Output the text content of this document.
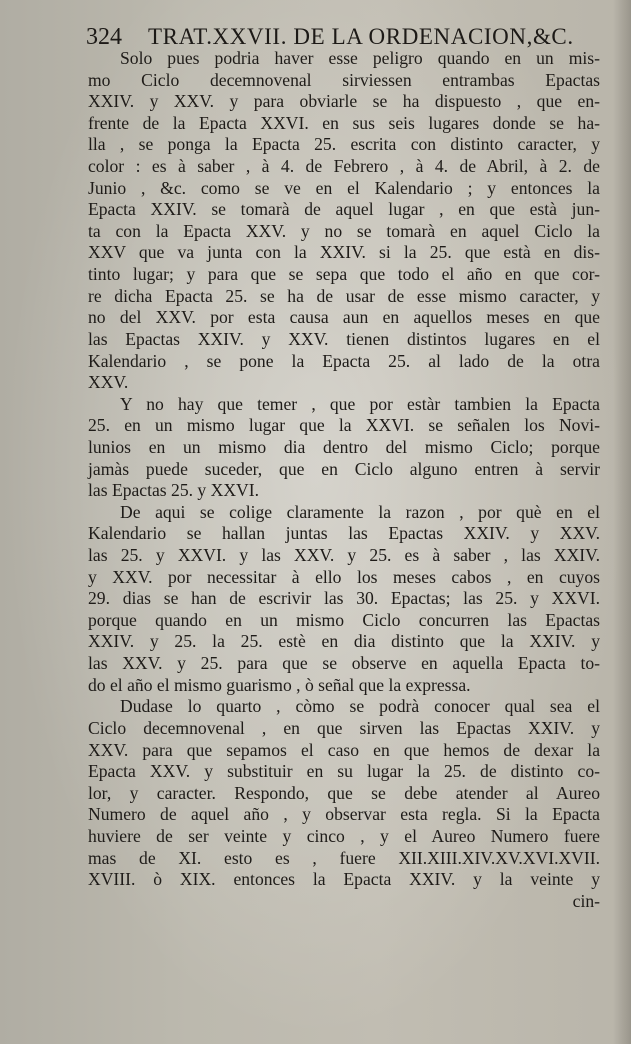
324 TRAT.XXVII. DE LA ORDENACION,&C.
Solo pues podria haver esse peligro quando en un mis-
mo Ciclo decemnovenal sirviessen entrambas Epactas
XXIV. y XXV. y para obviarle se ha dispuesto , que en-
frente de la Epacta XXVI. en sus seis lugares donde se ha-
lla , se ponga la Epacta 25. escrita con distinto caracter, y
color : es à saber , à 4. de Febrero , à 4. de Abril, à 2. de
Junio , &c. como se ve en el Kalendario ; y entonces la
Epacta XXIV. se tomarà de aquel lugar , en que està jun-
ta con la Epacta XXV. y no se tomarà en aquel Ciclo la
XXV que va junta con la XXIV. si la 25. que està en dis-
tinto lugar; y para que se sepa que todo el año en que cor-
re dicha Epacta 25. se ha de usar de esse mismo caracter, y
no del XXV. por esta causa aun en aquellos meses en que
las Epactas XXIV. y XXV. tienen distintos lugares en el
Kalendario , se pone la Epacta 25. al lado de la otra
XXV.
Y no hay que temer , que por estàr tambien la Epacta
25. en un mismo lugar que la XXVI. se señalen los Novi-
lunios en un mismo dia dentro del mismo Ciclo; porque
jamàs puede suceder, que en Ciclo alguno entren à servir
las Epactas 25. y XXVI.
De aqui se colige claramente la razon , por què en el
Kalendario se hallan juntas las Epactas XXIV. y XXV.
las 25. y XXVI. y las XXV. y 25. es à saber , las XXIV.
y XXV. por necessitar à ello los meses cabos , en cuyos
29. dias se han de escrivir las 30. Epactas; las 25. y XXVI.
porque quando en un mismo Ciclo concurren las Epactas
XXIV. y 25. la 25. estè en dia distinto que la XXIV. y
las XXV. y 25. para que se observe en aquella Epacta to-
do el año el mismo guarismo , ò señal que la expressa.
Dudase lo quarto , còmo se podrà conocer qual sea el
Ciclo decemnovenal , en que sirven las Epactas XXIV. y
XXV. para que sepamos el caso en que hemos de dexar la
Epacta XXV. y substituir en su lugar la 25. de distinto co-
lor, y caracter. Respondo, que se debe atender al Aureo
Numero de aquel año , y observar esta regla. Si la Epacta
huviere de ser veinte y cinco , y el Aureo Numero fuere
mas de XI. esto es , fuere XII.XIII.XIV.XV.XVI.XVII.
XVIII. ò XIX. entonces la Epacta XXIV. y la veinte y
cin-
